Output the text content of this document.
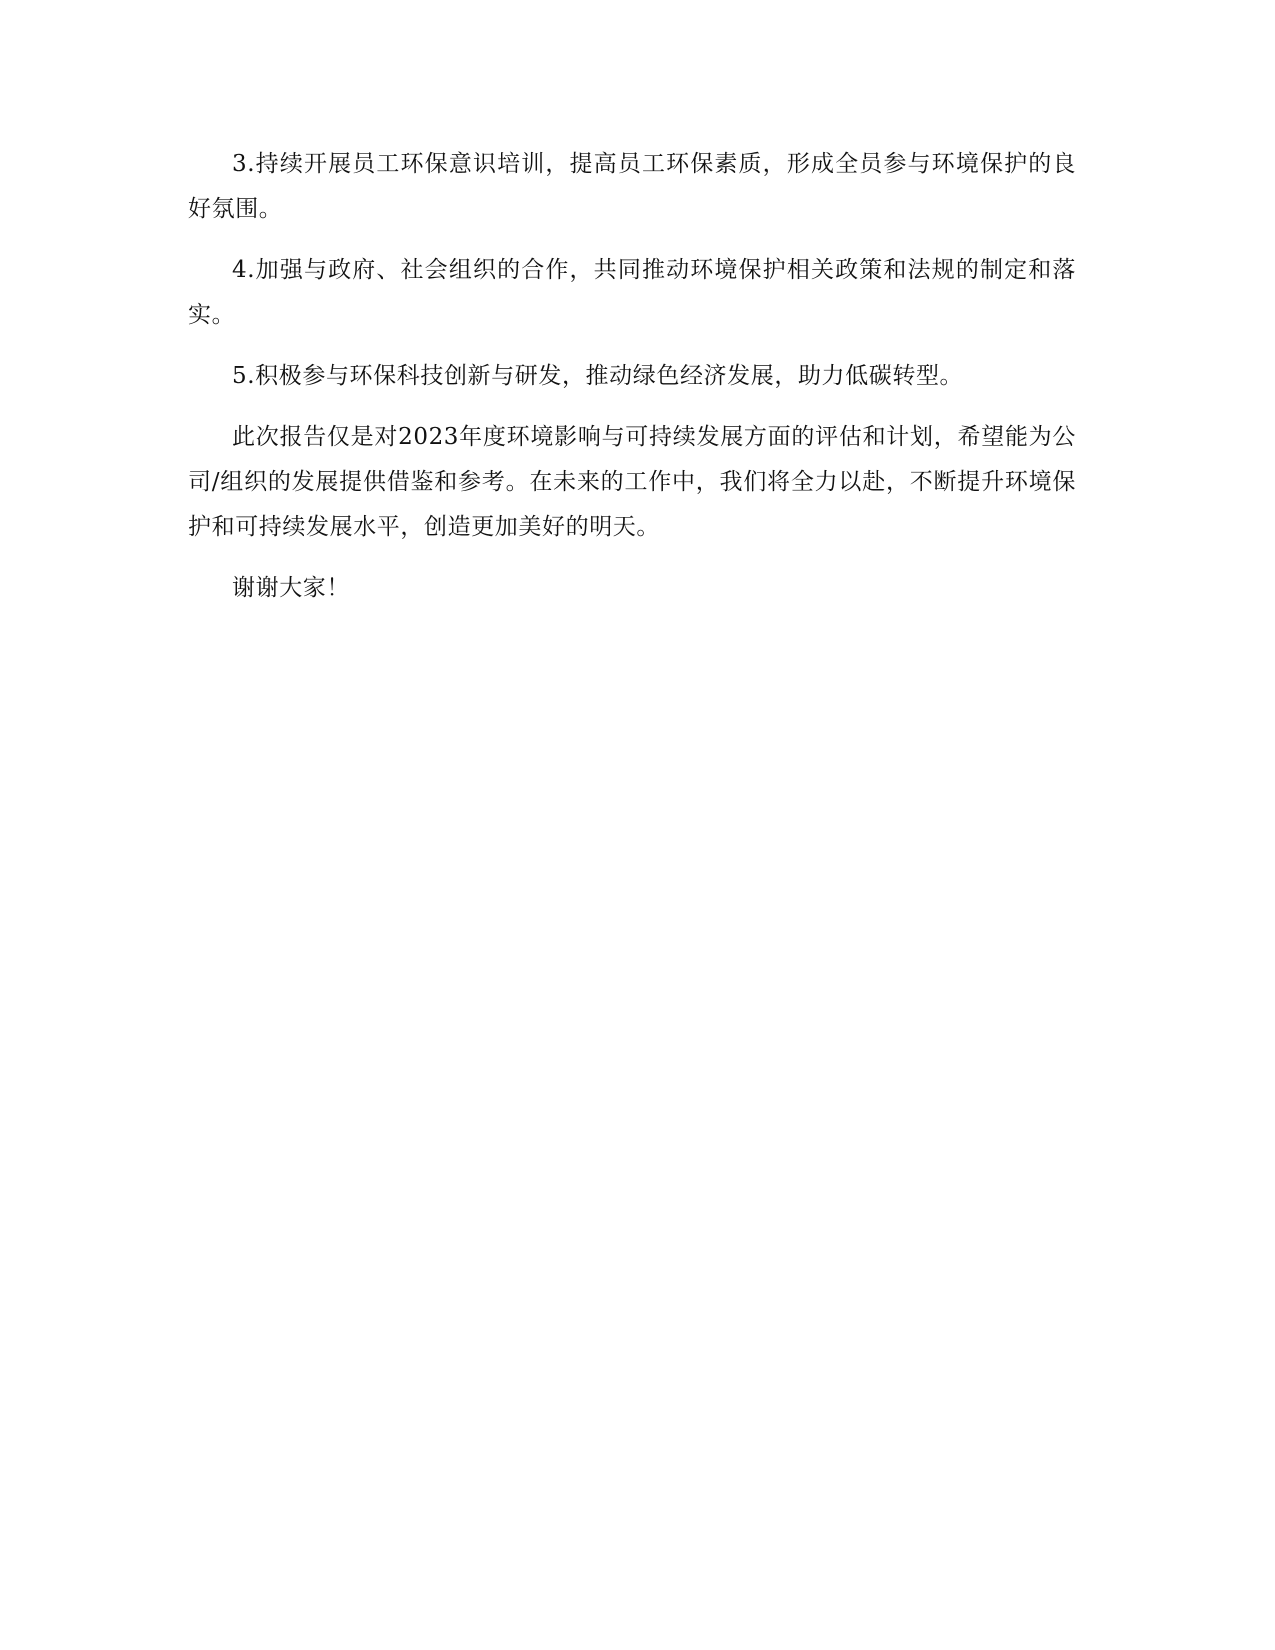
3.持续开展员工环保意识培训，提高员工环保素质，形成全员参与环境保护的良好氛围。

4.加强与政府、社会组织的合作，共同推动环境保护相关政策和法规的制定和落实。

5.积极参与环保科技创新与研发，推动绿色经济发展，助力低碳转型。

此次报告仅是对2023年度环境影响与可持续发展方面的评估和计划，希望能为公司/组织的发展提供借鉴和参考。在未来的工作中，我们将全力以赴，不断提升环境保护和可持续发展水平，创造更加美好的明天。

谢谢大家！
